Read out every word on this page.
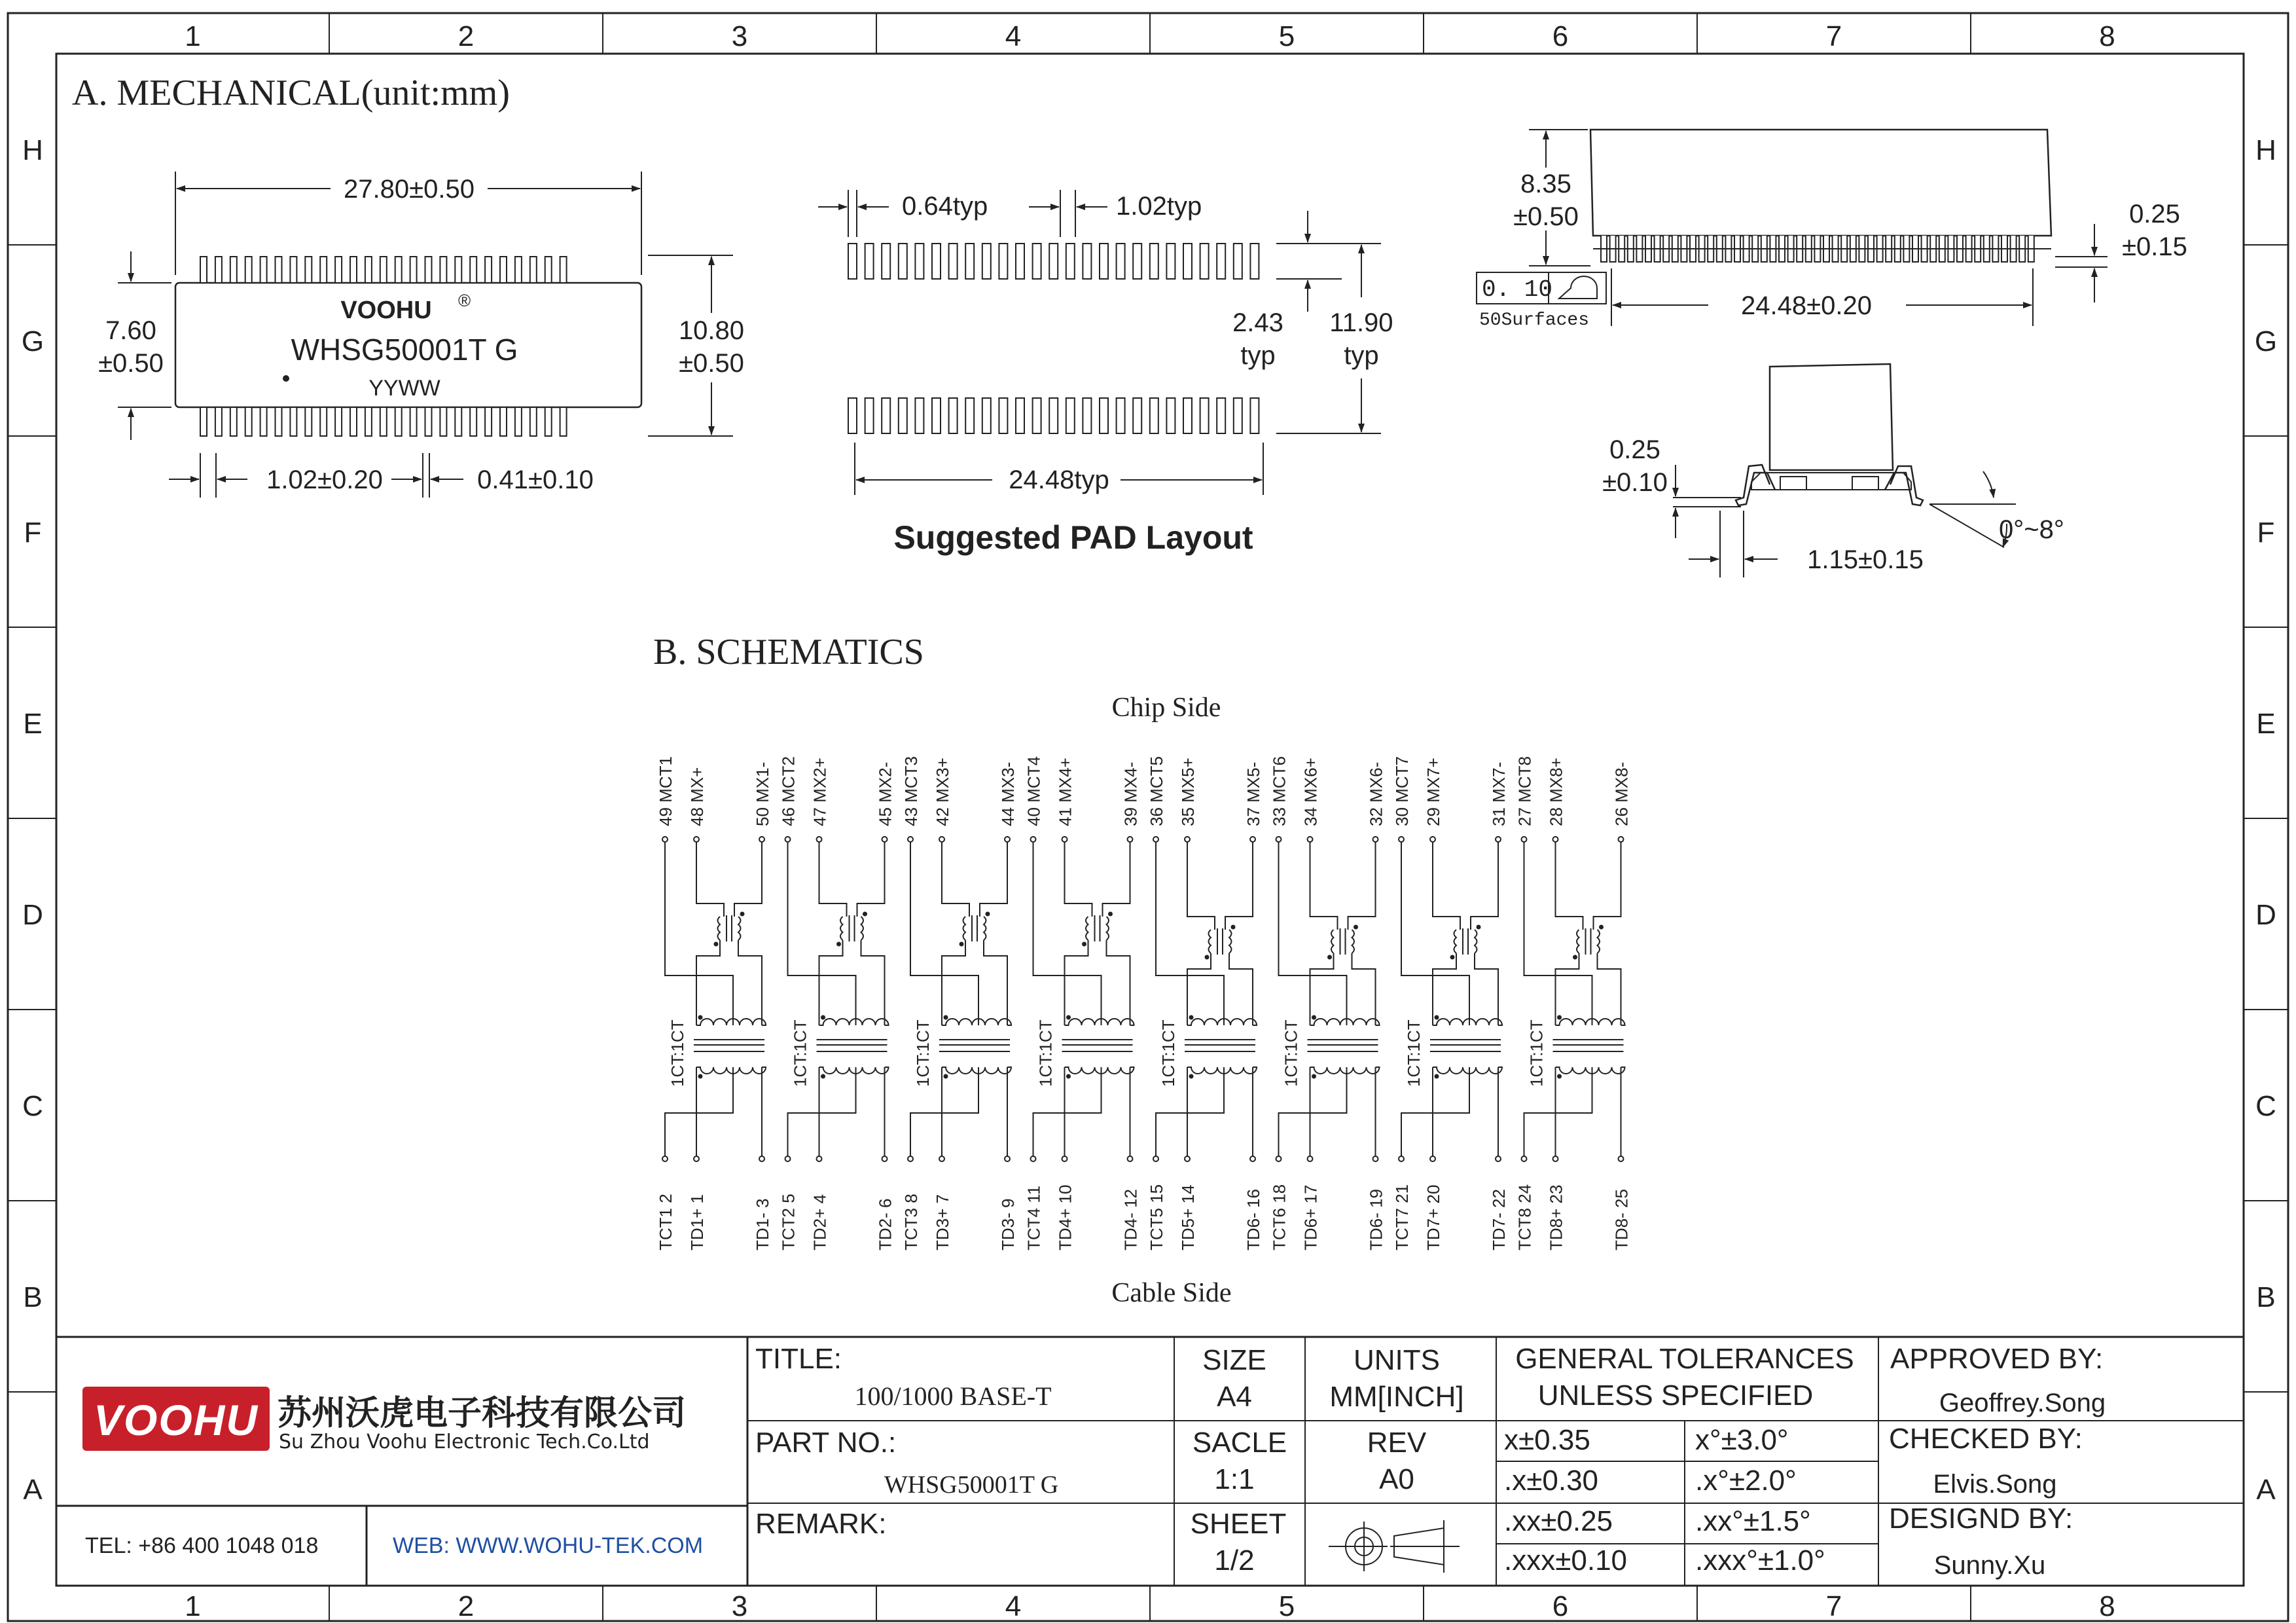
1
1
2
2
3
3
4
4
5
5
6
6
7
7
8
8
H	H
G	G
F	F
E	E
D	D
C	C
B	B
A	A
A. MECHANICAL(unit:mm)
VOOHU ®
WHSG50001T G
YYWW
27.80±0.50
7.60
±0.50
10.80
±0.50
1.02±0.20	0.41±0.10
0.64typ	1.02typ
2.43
typ
11.90
typ
24.48typ
Suggested PAD Layout
8.35
±0.50	0.25
±0.15
0. 10
50Surfaces
24.48±0.20
0.25
±0.10
1.15±0.15
0°~8°
B. SCHEMATICS
Chip Side
Cable Side
49 MCT1 48 MX+	50 MX1-
TCT1 2 TD1+ 1	TD1- 3
1CT:1CT
46 MCT2 47 MX2+	45 MX2-
TCT2 5 TD2+ 4	TD2- 6
1CT:1CT
43 MCT3 42 MX3+	44 MX3-
TCT3 8 TD3+ 7	TD3- 9
1CT:1CT
40 MCT4 41 MX4+	39 MX4-
TCT4 11 TD4+ 10	TD4- 12
1CT:1CT
36 MCT5 35 MX5+	37 MX5-
TCT5 15 TD5+ 14	TD6- 16
1CT:1CT
33 MCT6 34 MX6+	32 MX6-
TCT6 18 TD6+ 17	TD6- 19
1CT:1CT
30 MCT7 29 MX7+	31 MX7-
TCT7 21 TD7+ 20	TD7- 22
1CT:1CT
27 MCT8 28 MX8+	26 MX8-
TCT8 24 TD8+ 23	TD8- 25
1CT:1CT
VOOHU 苏州沃虎电子科技有限公司
Su Zhou Voohu Electronic Tech.Co.Ltd
TEL: +86 400 1048 018	WEB: WWW.WOHU-TEK.COM
TITLE:
100/1000 BASE-T
PART NO.:
WHSG50001T G
REMARK:
SIZE
A4
UNITS
MM[INCH]
SACLE
1:1
REV
A0
SHEET
1/2
GENERAL TOLERANCES
UNLESS SPECIFIED
x±0.35	x°±3.0°
.x±0.30	.x°±2.0°
.xx±0.25	.xx°±1.5°
.xxx±0.10 .xxx°±1.0°
APPROVED BY:
Geoffrey.Song
CHECKED BY:
Elvis.Song
DESIGND BY:
Sunny.Xu
